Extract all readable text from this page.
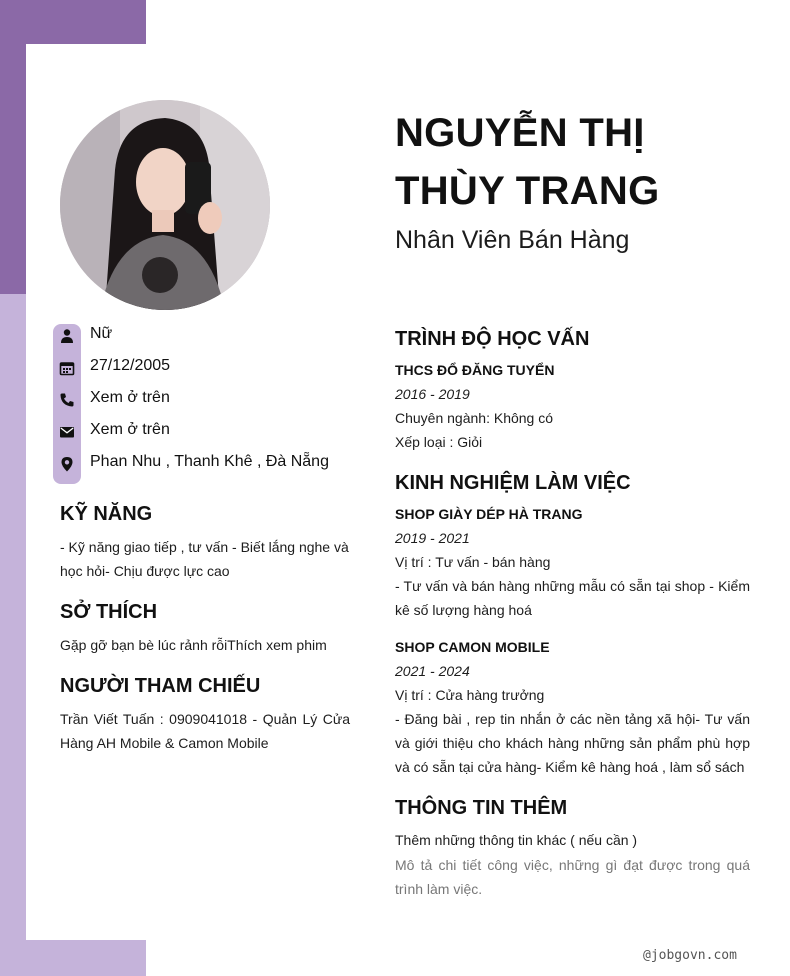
NGUYỄN THỊ THÙY TRANG
Nhân Viên Bán Hàng
Nữ
27/12/2005
Xem ở trên
Xem ở trên
Phan Nhu , Thanh Khê , Đà Nẵng
KỸ NĂNG
- Kỹ năng giao tiếp , tư vấn - Biết lắng nghe và học hỏi- Chịu được lực cao
SỞ THÍCH
Gặp gỡ bạn bè lúc rảnh rỗiThích xem phim
NGƯỜI THAM CHIẾU
Trần Viết Tuấn : 0909041018 - Quản Lý Cửa Hàng AH Mobile & Camon Mobile
TRÌNH ĐỘ HỌC VẤN
THCS ĐỔ ĐĂNG TUYỂN
2016 - 2019
Chuyên ngành: Không có
Xếp loại : Giỏi
KINH NGHIỆM LÀM VIỆC
SHOP GIÀY DÉP HÀ TRANG
2019 - 2021
Vị trí : Tư vấn - bán hàng
- Tư vấn và bán hàng những mẫu có sẵn tại shop - Kiểm kê số lượng hàng hoá
SHOP CAMON MOBILE
2021 - 2024
Vị trí : Cửa hàng trưởng
- Đăng bài , rep tin nhắn ở các nền tảng xã hội- Tư vấn và giới thiệu cho khách hàng những sản phẩm phù hợp và có sẵn tại cửa hàng- Kiểm kê hàng hoá , làm sổ sách
THÔNG TIN THÊM
Thêm những thông tin khác ( nếu cần )
Mô tả chi tiết công việc, những gì đạt được trong quá trình làm việc.
@jobgovn.com
